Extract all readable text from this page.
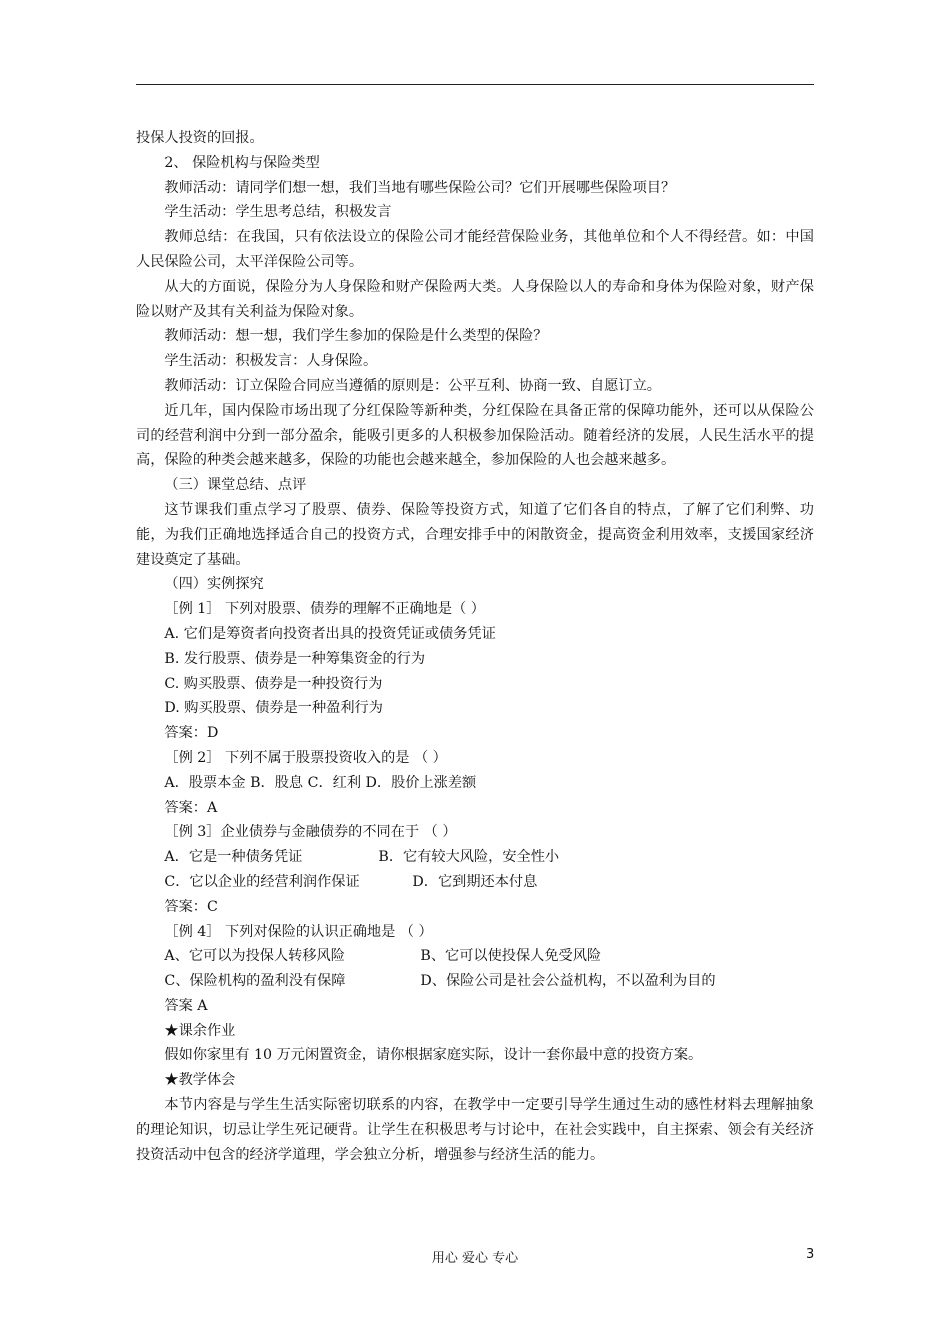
投保人投资的回报。

2、 保险机构与保险类型

教师活动：请同学们想一想，我们当地有哪些保险公司？它们开展哪些保险项目？

学生活动：学生思考总结，积极发言

教师总结：在我国，只有依法设立的保险公司才能经营保险业务，其他单位和个人不得经营。如：中国人民保险公司，太平洋保险公司等。

从大的方面说，保险分为人身保险和财产保险两大类。人身保险以人的寿命和身体为保险对象，财产保险以财产及其有关利益为保险对象。

教师活动：想一想，我们学生参加的保险是什么类型的保险？

学生活动：积极发言：人身保险。

教师活动：订立保险合同应当遵循的原则是：公平互利、协商一致、自愿订立。

近几年，国内保险市场出现了分红保险等新种类，分红保险在具备正常的保障功能外，还可以从保险公司的经营利润中分到一部分盈余，能吸引更多的人积极参加保险活动。随着经济的发展，人民生活水平的提高，保险的种类会越来越多，保险的功能也会越来越全，参加保险的人也会越来越多。

（三）课堂总结、点评

这节课我们重点学习了股票、债券、保险等投资方式，知道了它们各自的特点，了解了它们利弊、功能，为我们正确地选择适合自己的投资方式，合理安排手中的闲散资金，提高资金利用效率，支援国家经济建设奠定了基础。

（四）实例探究

［例 1］ 下列对股票、债券的理解不正确地是（ ）

A. 它们是筹资者向投资者出具的投资凭证或债务凭证

B. 发行股票、债券是一种筹集资金的行为

C. 购买股票、债券是一种投资行为

D. 购买股票、债券是一种盈利行为

答案：D

［例 2］ 下列不属于股票投资收入的是 （ ）

A．股票本金 B．股息 C．红利 D．股价上涨差额

答案：A

［例 3］企业债券与金融债券的不同在于 （ ）

A．它是一种债务凭证	B．它有较大风险，安全性小
C．它以企业的经营利润作保证	D．它到期还本付息

答案：C

［例 4］ 下列对保险的认识正确地是 （ ）

A、它可以为投保人转移风险	B、它可以使投保人免受风险
C、保险机构的盈利没有保障	D、保险公司是社会公益机构，不以盈利为目的

答案 A

★课余作业

假如你家里有 10 万元闲置资金，请你根据家庭实际，设计一套你最中意的投资方案。

★教学体会

本节内容是与学生生活实际密切联系的内容，在教学中一定要引导学生通过生动的感性材料去理解抽象的理论知识，切忌让学生死记硬背。让学生在积极思考与讨论中，在社会实践中，自主探索、领会有关经济投资活动中包含的经济学道理，学会独立分析，增强参与经济生活的能力。

用心 爱心 专心	3
